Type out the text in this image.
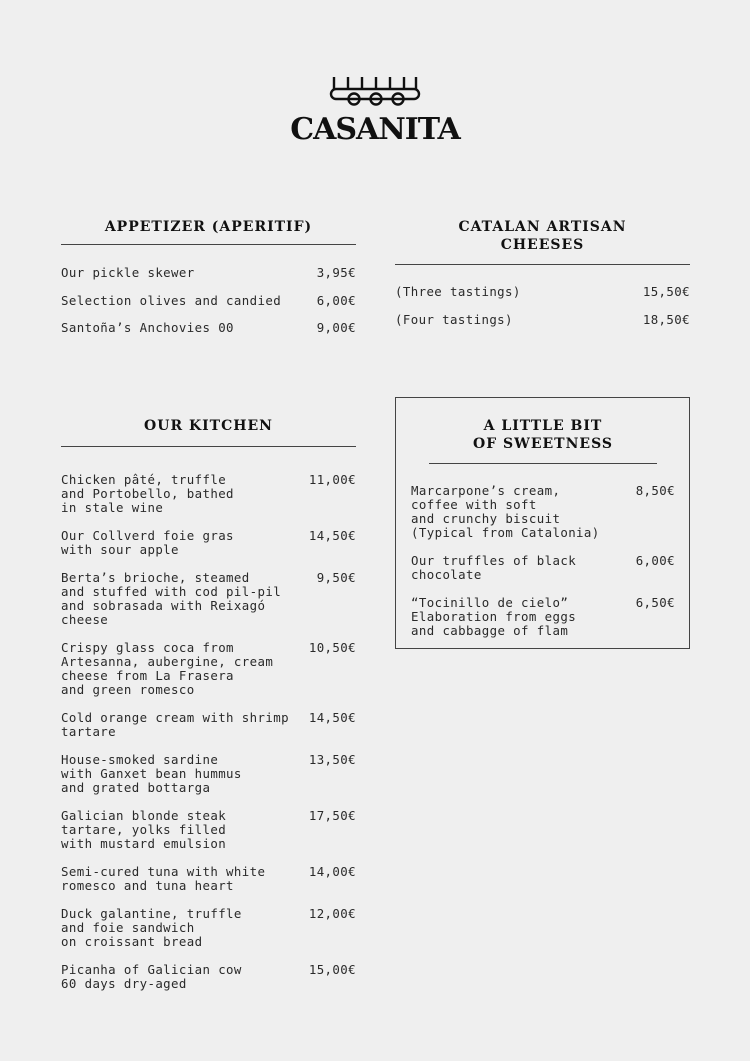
CASANITA
APPETIZER (APERITIF)
Our pickle skewer	3,95€
Selection olives and candied	6,00€
Santoña’s Anchovies 00	9,00€
CATALAN ARTISAN
CHEESES
(Three tastings)	15,50€
(Four tastings)	18,50€
OUR KITCHEN
Chicken pâté, truffle
and Portobello, bathed
in stale wine
11,00€
Our Collverd foie gras
with sour apple
14,50€
Berta’s brioche, steamed
and stuffed with cod pil-pil
and sobrasada with Reixagó
cheese
9,50€
Crispy glass coca from
Artesanna, aubergine, cream
cheese from La Frasera
and green romesco
10,50€
Cold orange cream with shrimp
tartare
14,50€
House-smoked sardine
with Ganxet bean hummus
and grated bottarga
13,50€
Galician blonde steak
tartare, yolks filled
with mustard emulsion
17,50€
Semi-cured tuna with white
romesco and tuna heart
14,00€
Duck galantine, truffle
and foie sandwich
on croissant bread
12,00€
Picanha of Galician cow
60 days dry-aged
15,00€
A LITTLE BIT
OF SWEETNESS
Marcarpone’s cream,
coffee with soft
and crunchy biscuit
(Typical from Catalonia)
8,50€
Our truffles of black
chocolate
6,00€
“Tocinillo de cielo”
Elaboration from eggs
and cabbagge of flam
6,50€
